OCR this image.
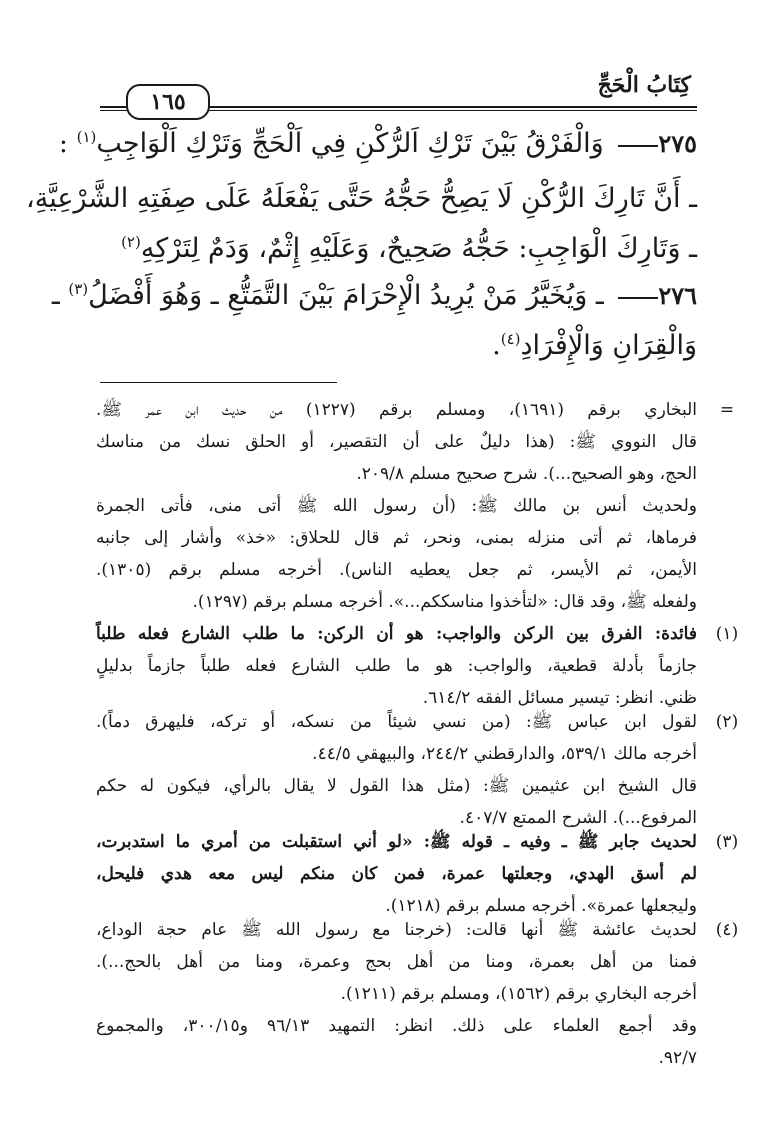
كِتَابُ الْحَجِّ
١٦٥
٢٧٥ وَالْفَرْقُ بَيْنَ تَرْكِ اَلرُّكْنِ فِي اَلْحَجِّ وَتَرْكِ اَلْوَاجِبِ$^{(١)}$ :
ـ أَنَّ تَارِكَ الرُّكْنِ لَا يَصِحُّ حَجُّهُ حَتَّى يَفْعَلَهُ عَلَى صِفَتِهِ الشَّرْعِيَّةِ،
ـ وَتَارِكَ الْوَاجِبِ: حَجُّهُ صَحِيحٌ، وَعَلَيْهِ إِثْمٌ، وَدَمٌ لِتَرْكِهِ$^{(٢)}$
٢٧٦ ـ وَيُخَيَّرُ مَنْ يُرِيدُ الْإِحْرَامَ بَيْنَ التَّمَتُّعِ ـ وَهُوَ أَفْضَلُ$^{(٣)}$ ـ
وَالْقِرَانِ وَالْإِفْرَادِ$^{(٤)}$.
=
البخاري برقم (١٦٩١)، ومسلم برقم (١٢٢٧) من حديث ابن عمر ﷺ.
قال النووي ﷺ: (هذا دليلٌ على أن التقصير، أو الحلق نسك من مناسك
الحج، وهو الصحيح...). شرح صحيح مسلم ٢٠٩/٨.
ولحديث أنس بن مالك ﷺ: (أن رسول الله ﷺ أتى منى، فأتى الجمرة
فرماها، ثم أتى منزله بمنى، ونحر، ثم قال للحلاق: «خذ» وأشار إلى جانبه
الأيمن، ثم الأيسر، ثم جعل يعطيه الناس). أخرجه مسلم برقم (١٣٠٥).
ولفعله ﷺ، وقد قال: «لتأخذوا مناسككم...». أخرجه مسلم برقم (١٢٩٧).
(١)
فائدة: الفرق بين الركن والواجب: هو أن الركن: ما طلب الشارع فعله طلباً
جازماً بأدلة قطعية، والواجب: هو ما طلب الشارع فعله طلباً جازماً بدليلٍ
ظني. انظر: تيسير مسائل الفقه ٦١٤/٢.
(٢)
لقول ابن عباس ﷺ: (من نسي شيئاً من نسكه، أو تركه، فليهرق دماً).
أخرجه مالك ٥٣٩/١، والدارقطني ٢٤٤/٢، والبيهقي ٤٤/٥.
قال الشيخ ابن عثيمين ﷺ: (مثل هذا القول لا يقال بالرأي، فيكون له حكم
المرفوع...). الشرح الممتع ٤٠٧/٧.
(٣)
لحديث جابر ﷺ ـ وفيه ـ قوله ﷺ: «لو أني استقبلت من أمري ما استدبرت،
لم أسق الهدي، وجعلتها عمرة، فمن كان منكم ليس معه هدي فليحل،
وليجعلها عمرة». أخرجه مسلم برقم (١٢١٨).
(٤)
لحديث عائشة ﷺ أنها قالت: (خرجنا مع رسول الله ﷺ عام حجة الوداع،
فمنا من أهل بعمرة، ومنا من أهل بحج وعمرة، ومنا من أهل بالحج...).
أخرجه البخاري برقم (١٥٦٢)، ومسلم برقم (١٢١١).
وقد أجمع العلماء على ذلك. انظر: التمهيد ٩٦/١٣ و٣٠٠/١٥، والمجموع
٩٢/٧.
